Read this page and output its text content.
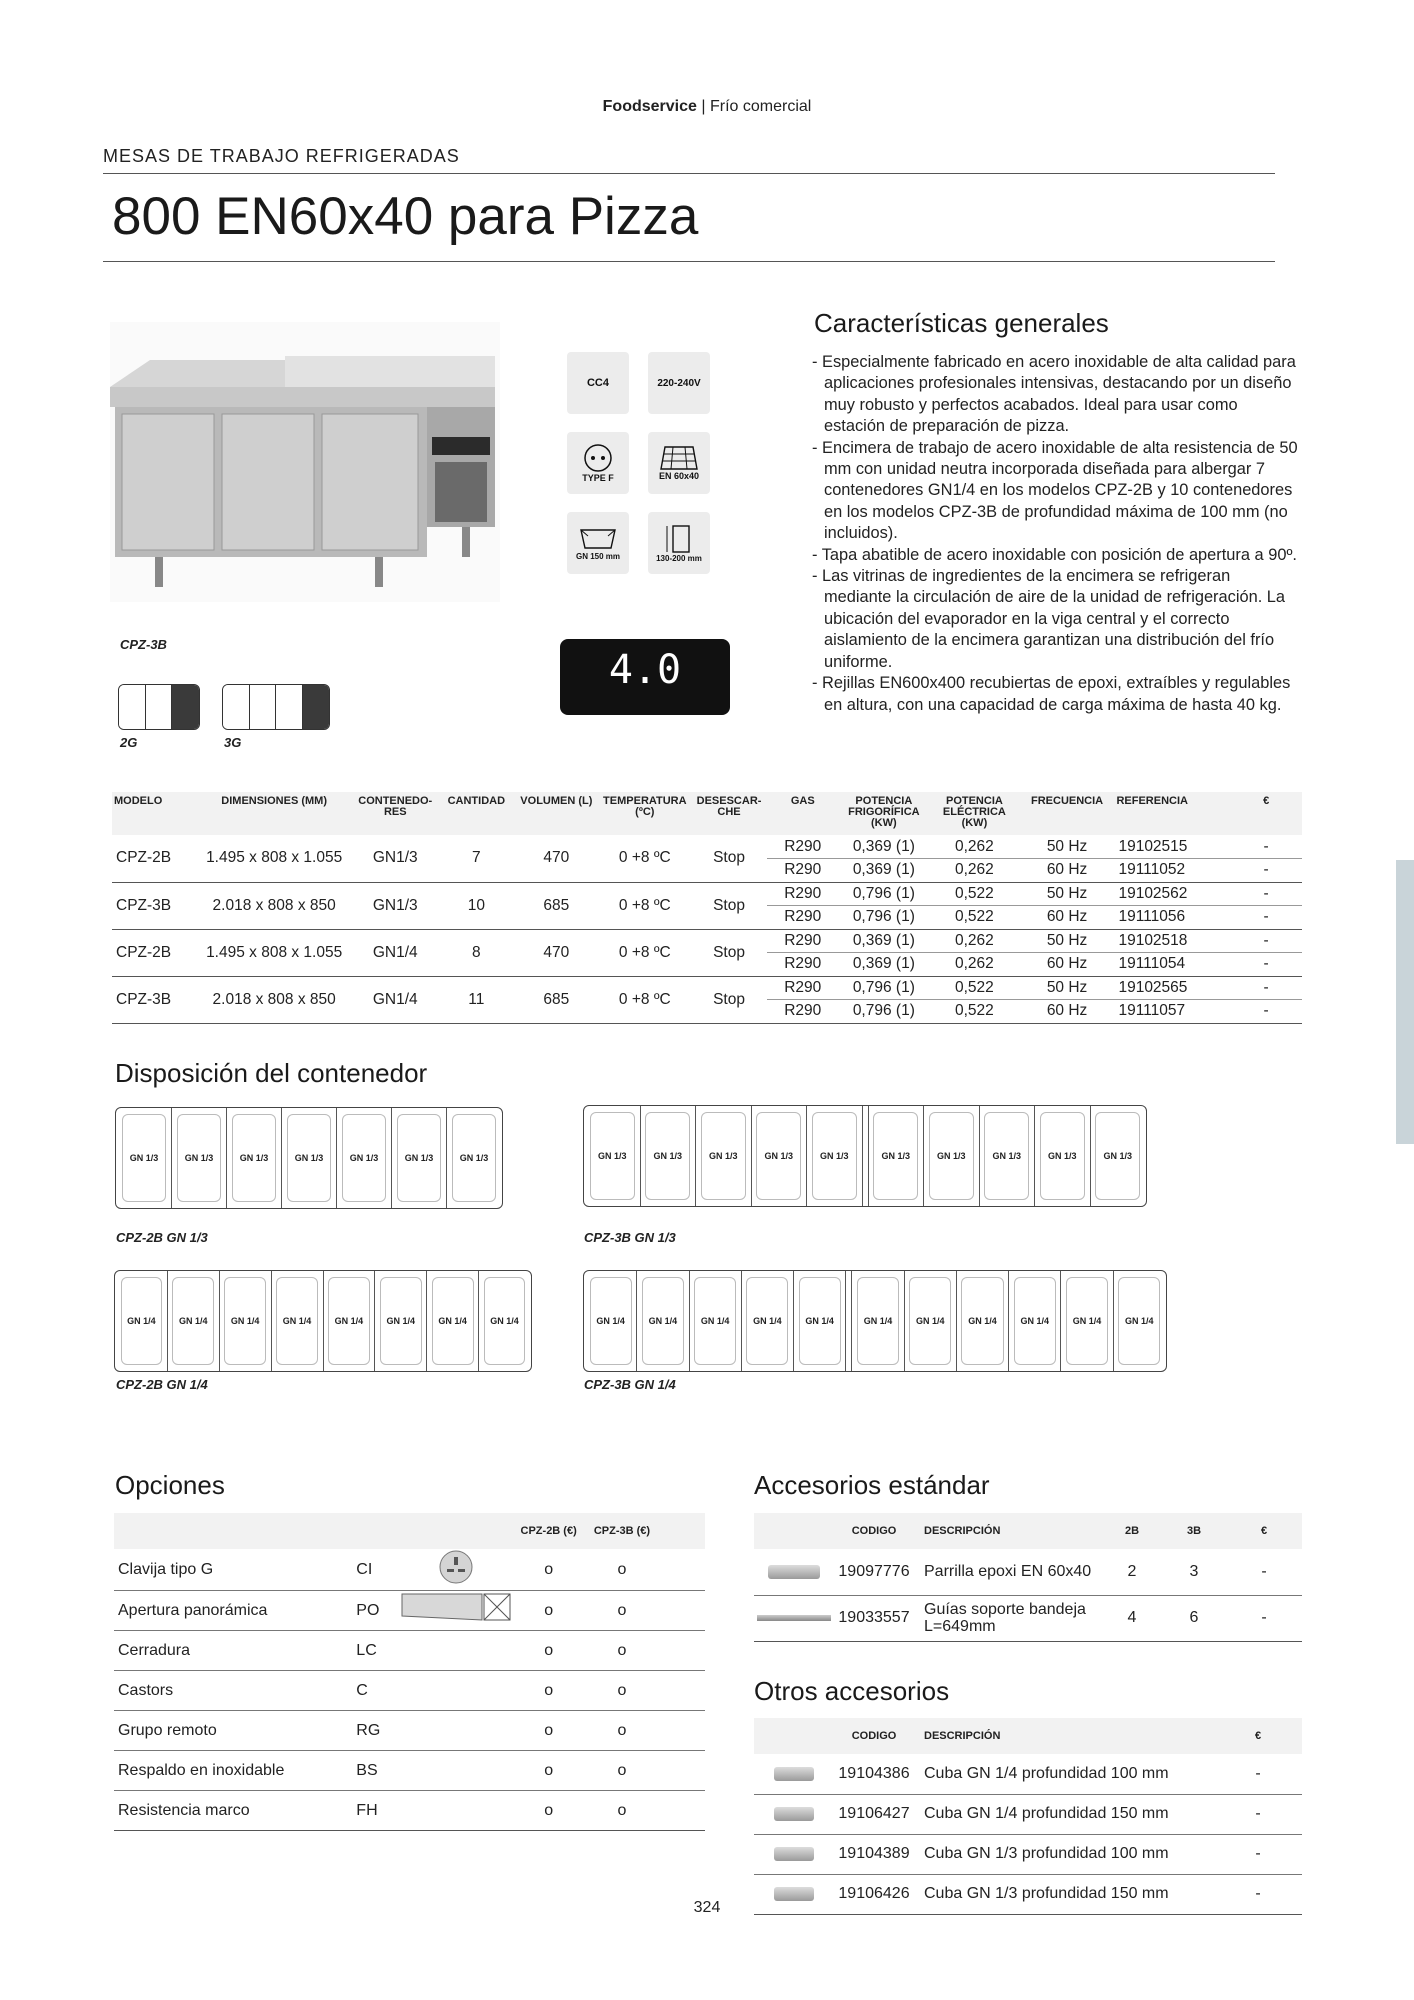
Foodservice | Frío comercial
MESAS DE TRABAJO REFRIGERADAS
800 EN60x40 para Pizza
CC4	220-240V
TYPE F	EN 60x40
GN 150 mm	130-200 mm
CPZ-3B
2G	3G
4.0
Características generales
- Especialmente fabricado en acero inoxidable de alta calidad para aplicaciones profesionales intensivas, destacando por un diseño muy robusto y perfectos acabados. Ideal para usar como estación de preparación de pizza.
- Encimera de trabajo de acero inoxidable de alta resistencia de 50 mm con unidad neutra incorporada diseñada para albergar 7 contenedores GN1/4 en los modelos CPZ-2B y 10 contenedores en los modelos CPZ-3B de profundidad máxima de 100 mm (no incluidos).
- Tapa abatible de acero inoxidable con posición de apertura a 90º.
- Las vitrinas de ingredientes de la encimera se refrigeran mediante la circulación de aire de la unidad de refrigeración. La ubicación del evaporador en la viga central y el correcto aislamiento de la encimera garantizan una distribución del frío uniforme.
- Rejillas EN600x400 recubiertas de epoxi, extraíbles y regulables en altura, con una capacidad de carga máxima de hasta 40 kg.
MODELO	DIMENSIONES (MM)	CONTENEDO- RES	CANTIDAD	VOLUMEN (L)	TEMPERATURA (ºC)	DESESCAR- CHE	GAS	POTENCIA FRIGORÍFICA (KW)	POTENCIA ELÉCTRICA (KW)	FRECUENCIA	REFERENCIA	€
CPZ-2B	1.495 x 808 x 1.055	GN1/3	7	470	0 +8 ºC	Stop	R290	0,369 (1)	0,262	50 Hz	19102515	-
							R290	0,369 (1)	0,262	60 Hz	19111052	-
CPZ-3B	2.018 x 808 x 850	GN1/3	10	685	0 +8 ºC	Stop	R290	0,796 (1)	0,522	50 Hz	19102562	-
							R290	0,796 (1)	0,522	60 Hz	19111056	-
CPZ-2B	1.495 x 808 x 1.055	GN1/4	8	470	0 +8 ºC	Stop	R290	0,369 (1)	0,262	50 Hz	19102518	-
							R290	0,369 (1)	0,262	60 Hz	19111054	-
CPZ-3B	2.018 x 808 x 850	GN1/4	11	685	0 +8 ºC	Stop	R290	0,796 (1)	0,522	50 Hz	19102565	-
							R290	0,796 (1)	0,522	60 Hz	19111057	-
Disposición del contenedor
GN 1/3	GN 1/3	GN 1/3	GN 1/3	GN 1/3	GN 1/3	GN 1/3	GN 1/3	GN 1/3	GN 1/3	GN 1/3	GN 1/3	GN 1/3	GN 1/3	GN 1/3	GN 1/3	GN 1/3
GN 1/4	GN 1/4	GN 1/4	GN 1/4	GN 1/4	GN 1/4	GN 1/4	GN 1/4	GN 1/4	GN 1/4	GN 1/4	GN 1/4	GN 1/4	GN 1/4	GN 1/4	GN 1/4	GN 1/4	GN 1/4	GN 1/4
CPZ-2B GN 1/3	CPZ-3B GN 1/3
CPZ-2B GN 1/4	CPZ-3B GN 1/4
Opciones
			CPZ-2B (€)	CPZ-3B (€)	
Clavija tipo G	CI		o	o	
Apertura panorámica	PO		o	o	
Cerradura	LC		o	o	
Castors	C		o	o	
Grupo remoto	RG		o	o	
Respaldo en inoxidable	BS		o	o	
Resistencia marco	FH		o	o	
Accesorios estándar
	CODIGO	DESCRIPCIÓN	2B	3B	€

	19097776	Parrilla epoxi EN 60x40	2	3	-

	19033557	Guías soporte bandeja L=649mm	4	6	-
Otros accesorios
	CODIGO	DESCRIPCIÓN	€

	19104386	Cuba GN 1/4 profundidad 100 mm	-

	19106427	Cuba GN 1/4 profundidad 150 mm	-

	19104389	Cuba GN 1/3 profundidad 100 mm	-

	19106426	Cuba GN 1/3 profundidad 150 mm	-
324
